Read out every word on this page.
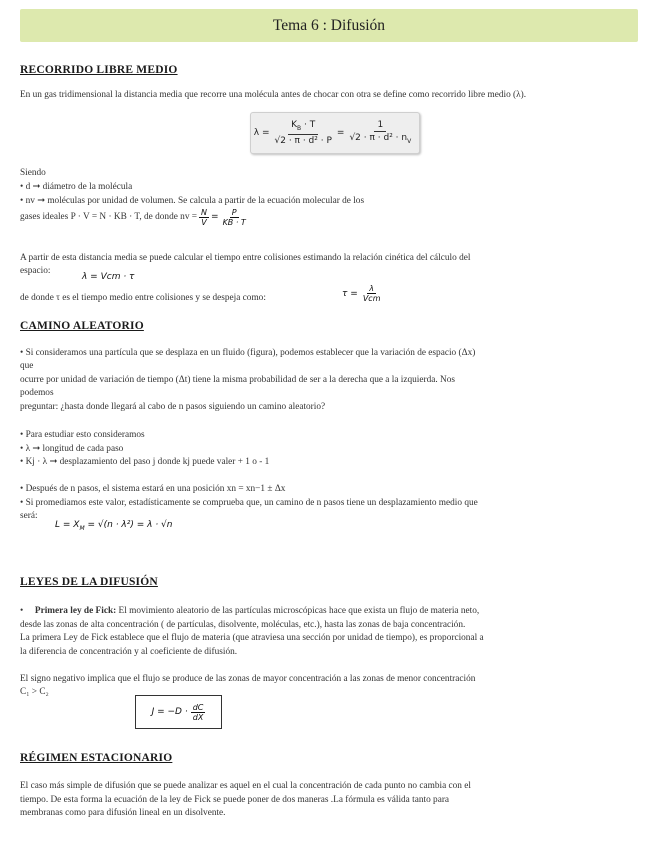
Tema 6 : Difusión
RECORRIDO LIBRE MEDIO
En un gas tridimensional la distancia media que recorre una molécula antes de chocar con otra se define como recorrido libre medio (λ).
$\lambda = \frac{K_B \cdot T}{\text{√2 · π · d² · P}} = \frac{1}{√2 \cdot \pi \cdot d^2 \cdot n_V}$
Siendo
• d ➞ diámetro de la molécula
• nv ➞ moléculas por unidad de volumen. Se calcula a partir de la ecuación molecular de los
gases ideales P · V = N · KB · T, de donde nv = $\frac{N}{V} = \frac{P}{KB \cdot T}$
A partir de esta distancia media se puede calcular el tiempo entre colisiones estimando la relación cinética del cálculo del
espacio:
λ = Vcm · τ
de donde τ es el tiempo medio entre colisiones y se despeja como:	$\tau = \frac{\lambda}{\text{Vcm}}$
CAMINO ALEATORIO
• Si consideramos una partícula que se desplaza en un fluido (figura), podemos establecer que la variación de espacio (Δx)
que
ocurre por unidad de variación de tiempo (Δt) tiene la misma probabilidad de ser a la derecha que a la izquierda. Nos
podemos
preguntar: ¿hasta donde llegará al cabo de n pasos siguiendo un camino aleatorio?
• Para estudiar esto consideramos
• λ ➞ longitud de cada paso
• Kj · λ ➞ desplazamiento del paso j donde kj puede valer + 1 o - 1
• Después de n pasos, el sistema estará en una posición xn = xn−1 ± Δx
• Si promediamos este valor, estadísticamente se comprueba que, un camino de n pasos tiene un desplazamiento medio que
será:
$L = X_M = √(n \cdot \lambda^2) = \lambda \cdot √n$
LEYES DE LA DIFUSIÓN
• Primera ley de Fick: El movimiento aleatorio de las partículas microscópicas hace que exista un flujo de materia neto,
desde las zonas de alta concentración ( de partículas, disolvente, moléculas, etc.), hasta las zonas de baja concentración.
La primera Ley de Fick establece que el flujo de materia (que atraviesa una sección por unidad de tiempo), es proporcional a
la diferencia de concentración y al coeficiente de difusión.
El signo negativo implica que el flujo se produce de las zonas de mayor concentración a las zonas de menor concentración
C₁ > C₂
$J = -D \cdot \frac{dC}{dX}$
RÉGIMEN ESTACIONARIO
El caso más simple de difusión que se puede analizar es aquel en el cual la concentración de cada punto no cambia con el
tiempo. De esta forma la ecuación de la ley de Fick se puede poner de dos maneras .La fórmula es válida tanto para
membranas como para difusión lineal en un disolvente.
